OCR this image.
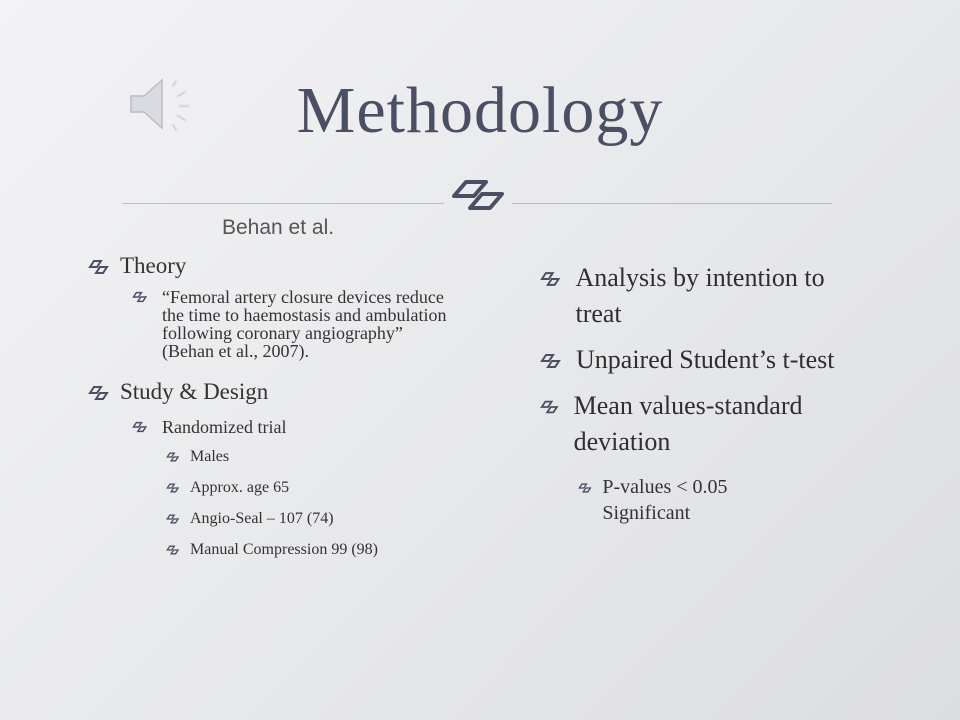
Methodology
Behan et al.
Theory
“Femoral artery closure devices reduce the time to haemostasis and ambulation following coronary angiography” (Behan et al., 2007).
Study & Design
Randomized trial
Males
Approx. age 65
Angio-Seal – 107 (74)
Manual Compression 99 (98)
Analysis by intention to treat
Unpaired Student’s t-test
Mean values-standard deviation
P-values < 0.05 Significant
